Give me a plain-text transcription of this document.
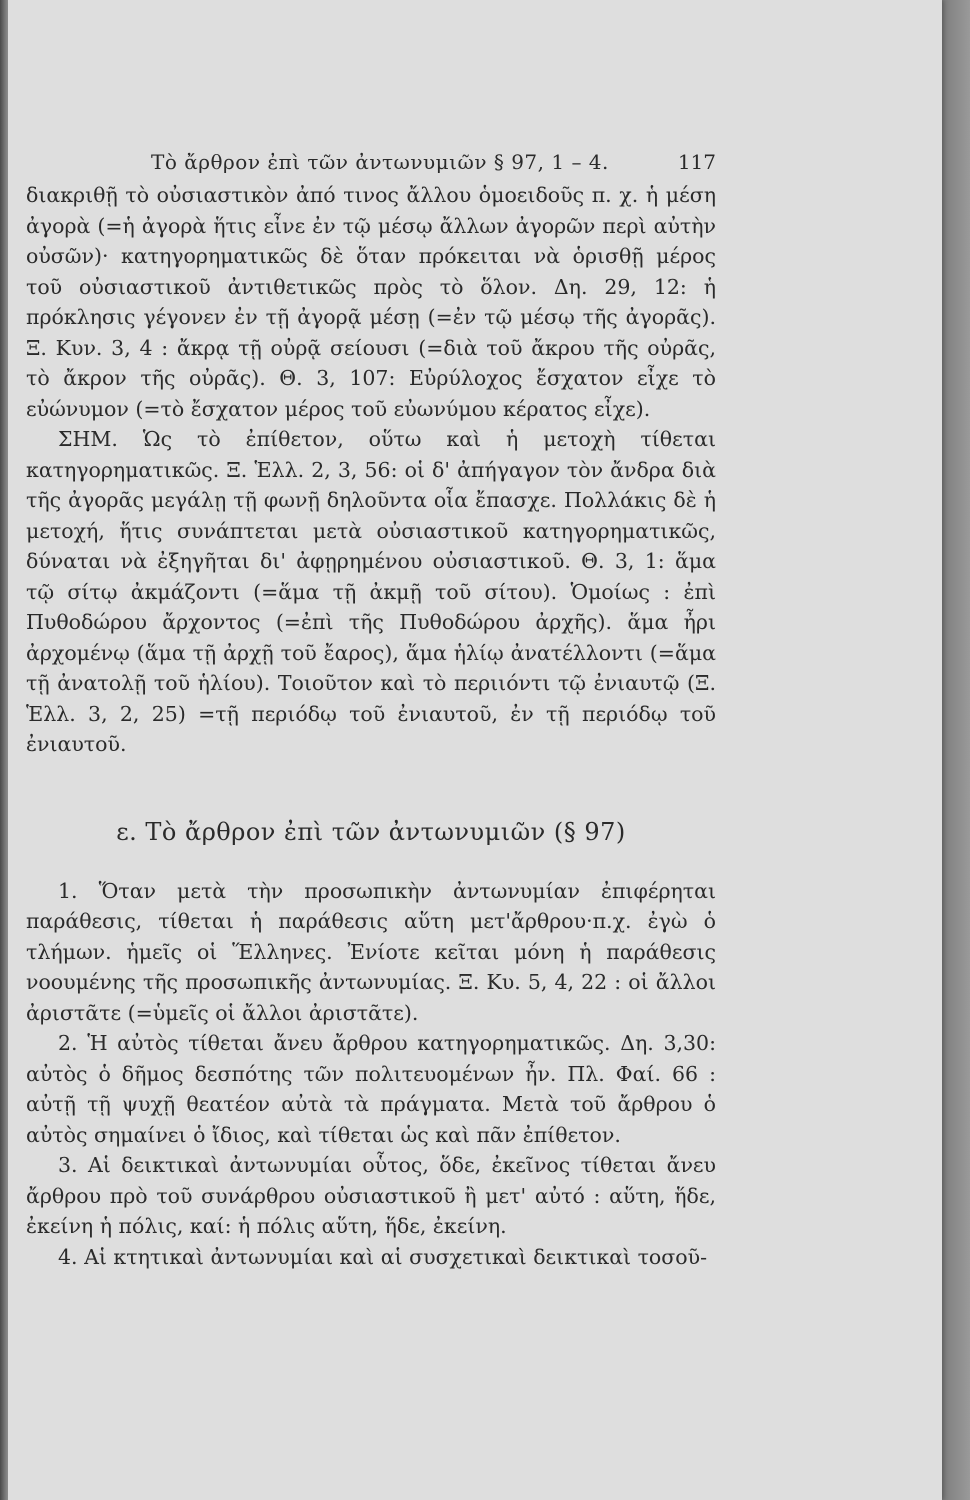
Τὸ ἄρθρον ἐπὶ τῶν ἀντωνυμιῶν § 97, 1 – 4.	117

διακριθῇ τὸ οὐσιαστικὸν ἀπό τινος ἄλλου ὁμοειδοῦς π. χ. ἡ μέση ἀγορὰ (=ἡ ἀγορὰ ἥτις εἶνε ἐν τῷ μέσῳ ἄλλων ἀγορῶν περὶ αὐτὴν οὐσῶν)· κατηγορηματικῶς δὲ ὅταν πρόκειται νὰ ὁρισθῇ μέρος τοῦ οὐσιαστικοῦ ἀντιθετικῶς πρὸς τὸ ὅλον. Δη. 29, 12: ἡ πρόκλησις γέγονεν ἐν τῇ ἀγορᾷ μέσῃ (=ἐν τῷ μέσῳ τῆς ἀγορᾶς). Ξ. Κυν. 3, 4 : ἄκρᾳ τῇ οὐρᾷ σείουσι (=διὰ τοῦ ἄκρου τῆς οὐρᾶς, τὸ ἄκρον τῆς οὐρᾶς). Θ. 3, 107: Εὐρύλοχος ἔσχατον εἶχε τὸ εὐώνυμον (=τὸ ἔσχατον μέρος τοῦ εὐωνύμου κέρατος εἶχε).

ΣΗΜ. Ὡς τὸ ἐπίθετον, οὕτω καὶ ἡ μετοχὴ τίθεται κατηγορηματικῶς. Ξ. Ἑλλ. 2, 3, 56: οἱ δ' ἀπήγαγον τὸν ἄνδρα διὰ τῆς ἀγορᾶς μεγάλῃ τῇ φωνῇ δηλοῦντα οἷα ἔπασχε. Πολλάκις δὲ ἡ μετοχή, ἥτις συνάπτεται μετὰ οὐσιαστικοῦ κατηγορηματικῶς, δύναται νὰ ἐξηγῆται δι' ἀφῃρημένου οὐσιαστικοῦ. Θ. 3, 1: ἅμα τῷ σίτῳ ἀκμάζοντι (=ἅμα τῇ ἀκμῇ τοῦ σίτου). Ὁμοίως : ἐπὶ Πυθοδώρου ἄρχοντος (=ἐπὶ τῆς Πυθοδώρου ἀρχῆς). ἅμα ἦρι ἀρχομένῳ (ἅμα τῇ ἀρχῇ τοῦ ἔαρος), ἅμα ἡλίῳ ἀνατέλλοντι (=ἅμα τῇ ἀνατολῇ τοῦ ἡλίου). Τοιοῦτον καὶ τὸ περιιόντι τῷ ἐνιαυτῷ (Ξ. Ἑλλ. 3, 2, 25) =τῇ περιόδῳ τοῦ ἐνιαυτοῦ, ἐν τῇ περιόδῳ τοῦ ἐνιαυτοῦ.

ε. Τὸ ἄρθρον ἐπὶ τῶν ἀντωνυμιῶν (§ 97)

1. Ὅταν μετὰ τὴν προσωπικὴν ἀντωνυμίαν ἐπιφέρηται παράθεσις, τίθεται ἡ παράθεσις αὕτη μετ'ἄρθρου·π.χ. ἐγὼ ὁ τλήμων. ἡμεῖς οἱ Ἕλληνες. Ἐνίοτε κεῖται μόνη ἡ παράθεσις νοουμένης τῆς προσωπικῆς ἀντωνυμίας. Ξ. Κυ. 5, 4, 22 : οἱ ἄλλοι ἀριστᾶτε (=ὑμεῖς οἱ ἄλλοι ἀριστᾶτε).

2. Ἡ αὐτὸς τίθεται ἄνευ ἄρθρου κατηγορηματικῶς. Δη. 3,30: αὐτὸς ὁ δῆμος δεσπότης τῶν πολιτευομένων ἦν. Πλ. Φαί. 66 : αὐτῇ τῇ ψυχῇ θεατέον αὐτὰ τὰ πράγματα. Μετὰ τοῦ ἄρθρου ὁ αὐτὸς σημαίνει ὁ ἴδιος, καὶ τίθεται ὡς καὶ πᾶν ἐπίθετον.

3. Αἱ δεικτικαὶ ἀντωνυμίαι οὗτος, ὅδε, ἐκεῖνος τίθεται ἄνευ ἄρθρου πρὸ τοῦ συνάρθρου οὐσιαστικοῦ ἢ μετ' αὐτό : αὕτη, ἥδε, ἐκείνη ἡ πόλις, καί: ἡ πόλις αὕτη, ἥδε, ἐκείνη.

4. Αἱ κτητικαὶ ἀντωνυμίαι καὶ αἱ συσχετικαὶ δεικτικαὶ τοσοῦ-
